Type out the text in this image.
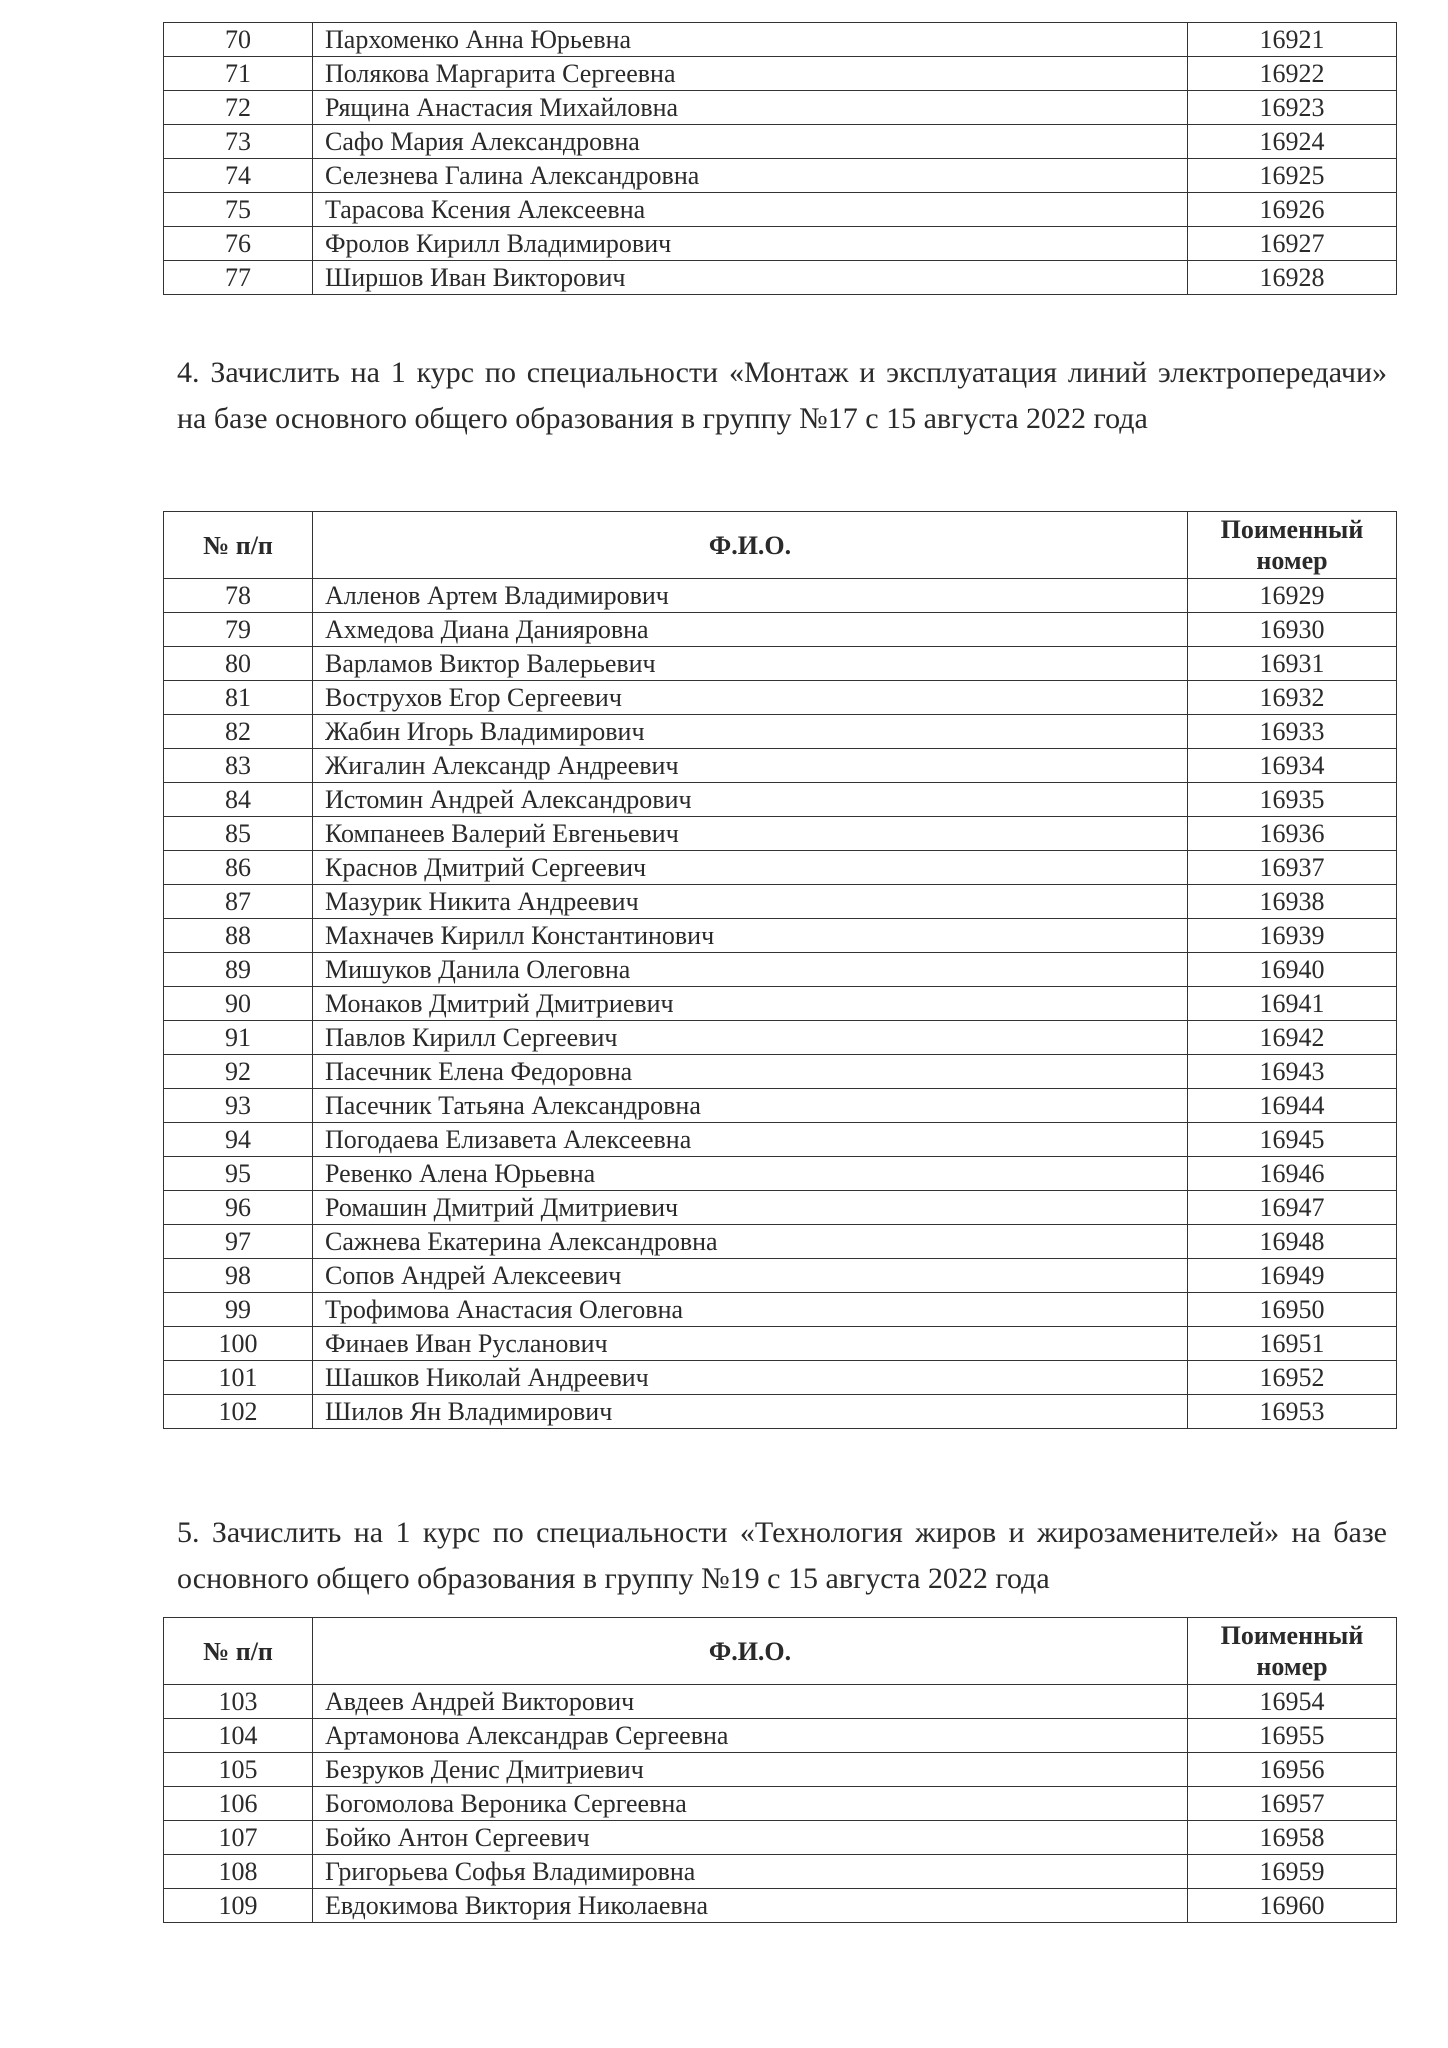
70	Пархоменко Анна Юрьевна	16921
71	Полякова Маргарита Сергеевна	16922
72	Рящина Анастасия Михайловна	16923
73	Сафо Мария Александровна	16924
74	Селезнева Галина Александровна	16925
75	Тарасова Ксения Алексеевна	16926
76	Фролов Кирилл Владимирович	16927
77	Ширшов Иван Викторович	16928
4. Зачислить на 1 курс по специальности «Монтаж и эксплуатация линий электропередачи» на базе основного общего образования в группу №17 с 15 августа 2022 года
№ п/п	Ф.И.О.	Поименный номер
78	Алленов Артем Владимирович	16929
79	Ахмедова Диана Данияровна	16930
80	Варламов Виктор Валерьевич	16931
81	Вострухов Егор Сергеевич	16932
82	Жабин Игорь Владимирович	16933
83	Жигалин Александр Андреевич	16934
84	Истомин Андрей Александрович	16935
85	Компанеев Валерий Евгеньевич	16936
86	Краснов Дмитрий Сергеевич	16937
87	Мазурик Никита Андреевич	16938
88	Махначев Кирилл Константинович	16939
89	Мишуков Данила Олеговна	16940
90	Монаков Дмитрий Дмитриевич	16941
91	Павлов Кирилл Сергеевич	16942
92	Пасечник Елена Федоровна	16943
93	Пасечник Татьяна Александровна	16944
94	Погодаева Елизавета Алексеевна	16945
95	Ревенко Алена Юрьевна	16946
96	Ромашин Дмитрий Дмитриевич	16947
97	Сажнева Екатерина Александровна	16948
98	Сопов Андрей Алексеевич	16949
99	Трофимова Анастасия Олеговна	16950
100	Финаев Иван Русланович	16951
101	Шашков Николай Андреевич	16952
102	Шилов Ян Владимирович	16953
5. Зачислить на 1 курс по специальности «Технология жиров и жирозаменителей» на базе основного общего образования в группу №19 с 15 августа 2022 года
№ п/п	Ф.И.О.	Поименный номер
103	Авдеев Андрей Викторович	16954
104	Артамонова Александрав Сергеевна	16955
105	Безруков Денис Дмитриевич	16956
106	Богомолова Вероника Сергеевна	16957
107	Бойко Антон Сергеевич	16958
108	Григорьева Софья Владимировна	16959
109	Евдокимова Виктория Николаевна	16960
